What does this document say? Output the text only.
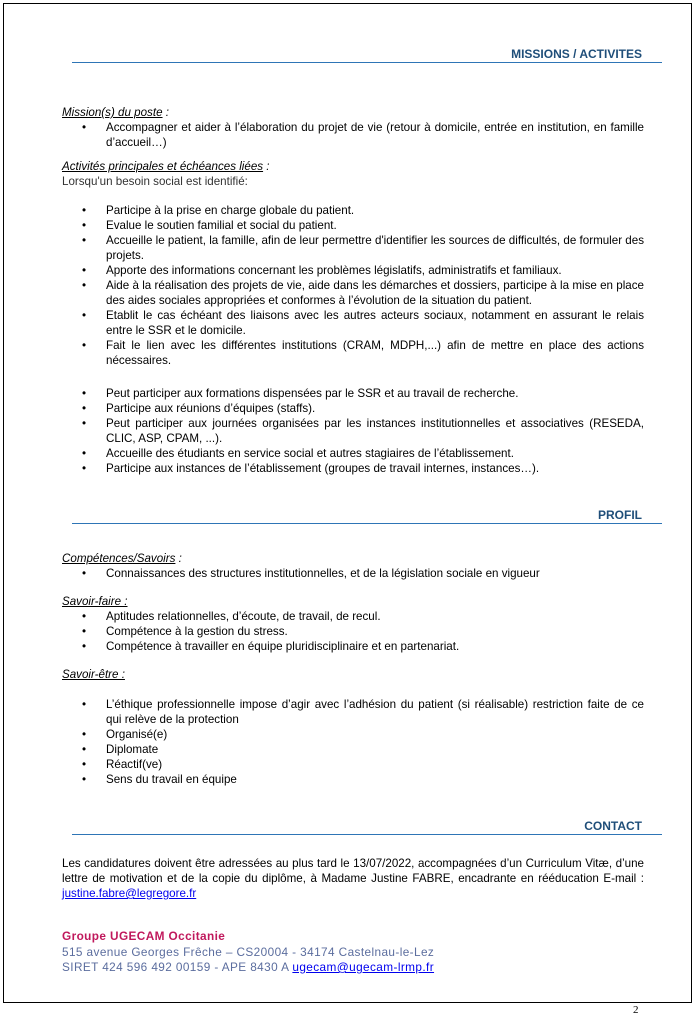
MISSIONS / ACTIVITES
Mission(s) du poste :
• Accompagner et aider à l’élaboration du projet de vie (retour à domicile, entrée en institution, en famille d’accueil…)
Activités principales et échéances liées :
Lorsqu'un besoin social est identifié:
• Participe à la prise en charge globale du patient.
• Evalue le soutien familial et social du patient.
• Accueille le patient, la famille, afin de leur permettre d'identifier les sources de difficultés, de formuler des projets.
• Apporte des informations concernant les problèmes législatifs, administratifs et familiaux.
• Aide à la réalisation des projets de vie, aide dans les démarches et dossiers, participe à la mise en place des aides sociales appropriées et conformes à l’évolution de la situation du patient.
• Etablit le cas échéant des liaisons avec les autres acteurs sociaux, notamment en assurant le relais entre le SSR et le domicile.
• Fait le lien avec les différentes institutions (CRAM, MDPH,...) afin de mettre en place des actions nécessaires.
• Peut participer aux formations dispensées par le SSR et au travail de recherche.
• Participe aux réunions d’équipes (staffs).
• Peut participer aux journées organisées par les instances institutionnelles et associatives (RESEDA, CLIC, ASP, CPAM, ...).
• Accueille des étudiants en service social et autres stagiaires de l’établissement.
• Participe aux instances de l’établissement (groupes de travail internes, instances…).
PROFIL
Compétences/Savoirs :
• Connaissances des structures institutionnelles, et de la législation sociale en vigueur
Savoir-faire :
• Aptitudes relationnelles, d’écoute, de travail, de recul.
• Compétence à la gestion du stress.
• Compétence à travailler en équipe pluridisciplinaire et en partenariat.
Savoir-être :
• L’éthique professionnelle impose d’agir avec l’adhésion du patient (si réalisable) restriction faite de ce qui relève de la protection
• Organisé(e)
• Diplomate
• Réactif(ve)
• Sens du travail en équipe
CONTACT
Les candidatures doivent être adressées au plus tard le 13/07/2022, accompagnées d’un Curriculum Vitæ, d’une lettre de motivation et de la copie du diplôme, à Madame Justine FABRE, encadrante en rééducation E-mail : justine.fabre@legregore.fr
Groupe UGECAM Occitanie
515 avenue Georges Frêche – CS20004 - 34174 Castelnau-le-Lez
SIRET 424 596 492 00159 - APE 8430 A ugecam@ugecam-lrmp.fr
2
